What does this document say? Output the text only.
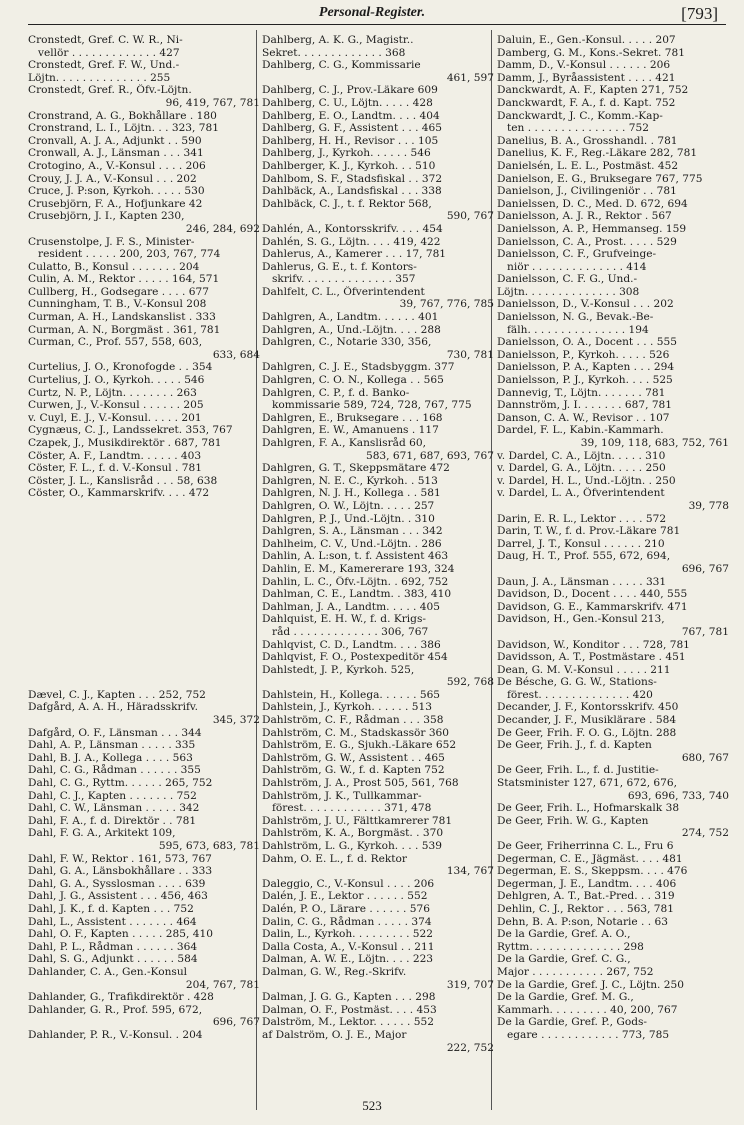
Personal-Register.	[793]
Cronstedt, Gref. C. W. R., Ni-
vellör . . . . . . . . . . . . . 427
Cronstedt, Gref. F. W., Und.-
Löjtn. . . . . . . . . . . . . . 255
Cronstedt, Gref. R., Öfv.-Löjtn.
96, 419, 767, 781
Cronstrand, A. G., Bokhållare . 180
Cronstrand, L. I., Löjtn. . . 323, 781
Cronvall, A. J. A., Adjunkt . . 590
Cronwall, A. J., Länsman . . . 341
Crotogino, A., V.-Konsul . . . . 206
Crouy, J. J. A., V.-Konsul . . . 202
Cruce, J. P:son, Kyrkoh. . . . . 530
Crusebjörn, F. A., Hofjunkare 42
Crusebjörn, J. I., Kapten 230,
246, 284, 692
Crusenstolpe, J. F. S., Minister-
resident . . . . . 200, 203, 767, 774
Culatto, B., Konsul . . . . . . . 204
Culin, A. M., Rektor . . . . . 164, 571
Cullberg, H., Godsegare . . . . 677
Cunningham, T. B., V.-Konsul 208
Curman, A. H., Landskanslist . 333
Curman, A. N., Borgmäst . 361, 781
Curman, C., Prof. 557, 558, 603,
633, 684
Curtelius, J. O., Kronofogde . . 354
Curtelius, J. O., Kyrkoh. . . . . 546
Curtz, N. P., Löjtn. . . . . . . . 263
Curwen, J., V.-Konsul . . . . . . 205
v. Cuyl, E. J., V.-Konsul. . . . . 201
Cygnæus, C. J., Landssekret. 353, 767
Czapek, J., Musikdirektör . 687, 781
Cöster, A. F., Landtm. . . . . . 403
Cöster, F. L., f. d. V.-Konsul . 781
Cöster, J. L., Kanslisråd . . . 58, 638
Cöster, O., Kammarskrifv. . . . 472
Dævel, C. J., Kapten . . . 252, 752
Dafgård, A. A. H., Häradsskrifv.
345, 372
Dafgård, O. F., Länsman . . . 344
Dahl, A. P., Länsman . . . . . 335
Dahl, B. J. A., Kollega . . . . 563
Dahl, C. G., Rådman . . . . . . 355
Dahl, C. G., Ryttm. . . . . . 265, 752
Dahl, C. J., Kapten . . . . . . . 752
Dahl, C. W., Länsman . . . . . 342
Dahl, F. A., f. d. Direktör . . 781
Dahl, F. G. A., Arkitekt 109,
595, 673, 683, 781
Dahl, F. W., Rektor . 161, 573, 767
Dahl, G. A., Länsbokhållare . . 333
Dahl, G. A., Sysslosman . . . . 639
Dahl, J. G., Assistent . . . 456, 463
Dahl, J. K., f. d. Kapten . . . 752
Dahl, L., Assistent . . . . . . . 464
Dahl, O. F., Kapten . . . . . 285, 410
Dahl, P. L., Rådman . . . . . . 364
Dahl, S. G., Adjunkt . . . . . . 584
Dahlander, C. A., Gen.-Konsul
204, 767, 781
Dahlander, G., Trafikdirektör . 428
Dahlander, G. R., Prof. 595, 672,
696, 767
Dahlander, P. R., V.-Konsul. . 204
Dahlberg, A. K. G., Magistr..
Sekret. . . . . . . . . . . . . 368
Dahlberg, C. G., Kommissarie
461, 597
Dahlberg, C. J., Prov.-Läkare 609
Dahlberg, C. U., Löjtn. . . . . 428
Dahlberg, E. O., Landtm. . . . 404
Dahlberg, G. F., Assistent . . . 465
Dahlberg, H. H., Revisor . . . 105
Dahlberg, J., Kyrkoh. . . . . . 546
Dahlberger, K. J., Kyrkoh. . . 510
Dahlbom, S. F., Stadsfiskal . . 372
Dahlbäck, A., Landsfiskal . . . 338
Dahlbäck, C. J., t. f. Rektor 568,
590, 767
Dahlén, A., Kontorsskrifv. . . . 454
Dahlén, S. G., Löjtn. . . . 419, 422
Dahlerus, A., Kamerer . . . 17, 781
Dahlerus, G. E., t. f. Kontors-
skrifv. . . . . . . . . . . . . . 357
Dahlfelt, C. L., Öfverintendent
39, 767, 776, 785
Dahlgren, A., Landtm. . . . . . 401
Dahlgren, A., Und.-Löjtn. . . . 288
Dahlgren, C., Notarie 330, 356,
730, 781
Dahlgren, C. J. E., Stadsbyggm. 377
Dahlgren, C. O. N., Kollega . . 565
Dahlgren, C. P., f. d. Banko-
kommissarie 589, 724, 728, 767, 775
Dahlgren, E., Bruksegare . . . 168
Dahlgren, E. W., Amanuens . 117
Dahlgren, F. A., Kanslisråd 60,
583, 671, 687, 693, 767
Dahlgren, G. T., Skeppsmätare 472
Dahlgren, N. E. C., Kyrkoh. . 513
Dahlgren, N. J. H., Kollega . . 581
Dahlgren, O. W., Löjtn. . . . . 257
Dahlgren, P. J., Und.-Löjtn. . 310
Dahlgren, S. A., Länsman . . . 342
Dahlheim, C. V., Und.-Löjtn. . 286
Dahlin, A. L:son, t. f. Assistent 463
Dahlin, E. M., Kamererare 193, 324
Dahlin, L. C., Öfv.-Löjtn. . 692, 752
Dahlman, C. E., Landtm. . 383, 410
Dahlman, J. A., Landtm. . . . . 405
Dahlquist, E. H. W., f. d. Krigs-
råd . . . . . . . . . . . . . 306, 767
Dahlqvist, C. D., Landtm. . . . 386
Dahlqvist, F. O., Postexpeditör 454
Dahlstedt, J. P., Kyrkoh. 525,
592, 768
Dahlstein, H., Kollega. . . . . . 565
Dahlstein, J., Kyrkoh. . . . . . 513
Dahlström, C. F., Rådman . . . 358
Dahlström, C. M., Stadskassör 360
Dahlström, E. G., Sjukh.-Läkare 652
Dahlström, G. W., Assistent . . 465
Dahlström, G. W., f. d. Kapten 752
Dahlström, J. A., Prost 505, 561, 768
Dahlström, J. K., Tullkammar-
förest. . . . . . . . . . . . 371, 478
Dahlström, J. U., Fälttkamrerer 781
Dahlström, K. A., Borgmäst. . 370
Dahlström, L. G., Kyrkoh. . . . 539
Dahm, O. E. L., f. d. Rektor
134, 767
Daleggio, C., V.-Konsul . . . . 206
Dalén, J. E., Lektor . . . . . . 552
Dalén, P. O., Lärare . . . . . . 576
Dalin, C. G., Rådman . . . . . 374
Dalin, L., Kyrkoh. . . . . . . . . 522
Dalla Costa, A., V.-Konsul . . 211
Dalman, A. W. E., Löjtn. . . . 223
Dalman, G. W., Reg.-Skrifv.
319, 707
Dalman, J. G. G., Kapten . . . 298
Dalman, O. F., Postmäst. . . . 453
Dalström, M., Lektor. . . . . . 552
af Dalström, O. J. E., Major
222, 752
Daluin, E., Gen.-Konsul. . . . . 207
Damberg, G. M., Kons.-Sekret. 781
Damm, D., V.-Konsul . . . . . . 206
Damm, J., Byråassistent . . . . 421
Danckwardt, A. F., Kapten 271, 752
Danckwardt, F. A., f. d. Kapt. 752
Danckwardt, J. C., Komm.-Kap-
ten . . . . . . . . . . . . . . . 752
Danelius, B. A., Grosshandl. . 781
Danelius, K. F., Reg.-Läkare 282, 781
Danielsén, L. E. L., Postmäst. 452
Danielson, E. G., Bruksegare 767, 775
Danielson, J., Civilingeniör . . 781
Danielssen, D. C., Med. D. 672, 694
Danielsson, A. J. R., Rektor . 567
Danielsson, A. P., Hemmanseg. 159
Danielsson, C. A., Prost. . . . . 529
Danielsson, C. F., Grufveinge-
niör . . . . . . . . . . . . . . 414
Danielsson, C. F. G., Und.-
Löjtn. . . . . . . . . . . . . . 308
Danielsson, D., V.-Konsul . . . 202
Danielsson, N. G., Bevak.-Be-
fälh. . . . . . . . . . . . . . . 194
Danielsson, O. A., Docent . . . 555
Danielsson, P., Kyrkoh. . . . . 526
Danielsson, P. A., Kapten . . . 294
Danielsson, P. J., Kyrkoh. . . . 525
Dannevig, T., Löjtn. . . . . . . 781
Dannström, J. I. . . . . . . 687, 781
Danson, C. A. W., Revisor . . 107
Dardel, F. L., Kabin.-Kammarh.
39, 109, 118, 683, 752, 761
v. Dardel, C. A., Löjtn. . . . . 310
v. Dardel, G. A., Löjtn. . . . . 250
v. Dardel, H. L., Und.-Löjtn. . 250
v. Dardel, L. A., Öfverintendent
39, 778
Darin, E. R. L., Lektor . . . . 572
Darin, T. W., f. d. Prov.-Läkare 781
Darrel, J. T., Konsul . . . . . . 210
Daug, H. T., Prof. 555, 672, 694,
696, 767
Daun, J. A., Länsman . . . . . 331
Davidson, D., Docent . . . . 440, 555
Davidson, G. E., Kammarskrifv. 471
Davidson, H., Gen.-Konsul 213,
767, 781
Davidson, W., Konditor . . . 728, 781
Davidsson, A. T., Postmästare . 451
Dean, G. M. V.-Konsul . . . . . 211
De Bésche, G. G. W., Stations-
förest. . . . . . . . . . . . . . 420
Decander, J. F., Kontorsskrifv. 450
Decander, J. F., Musiklärare . 584
De Geer, Frih. F. O. G., Löjtn. 288
De Geer, Frih. J., f. d. Kapten
680, 767
De Geer, Frih. L., f. d. Justitie-
Statsminister 127, 671, 672, 676,
693, 696, 733, 740
De Geer, Frih. L., Hofmarskalk 38
De Geer, Frih. W. G., Kapten
274, 752
De Geer, Friherrinna C. L., Fru 6
Degerman, C. E., Jägmäst. . . . 481
Degerman, E. S., Skeppsm. . . . 476
Degerman, J. E., Landtm. . . . 406
Dehlgren, A. T., Bat.-Pred. . . 319
Dehlin, C. J., Rektor . . . 563, 781
Dehn, B. A. P:son, Notarie . . 63
De la Gardie, Gref. A. O.,
Ryttm. . . . . . . . . . . . . . 298
De la Gardie, Gref. C. G.,
Major . . . . . . . . . . . 267, 752
De la Gardie, Gref. J. C., Löjtn. 250
De la Gardie, Gref. M. G.,
Kammarh. . . . . . . . . 40, 200, 767
De la Gardie, Gref. P., Gods-
egare . . . . . . . . . . . . 773, 785
523
